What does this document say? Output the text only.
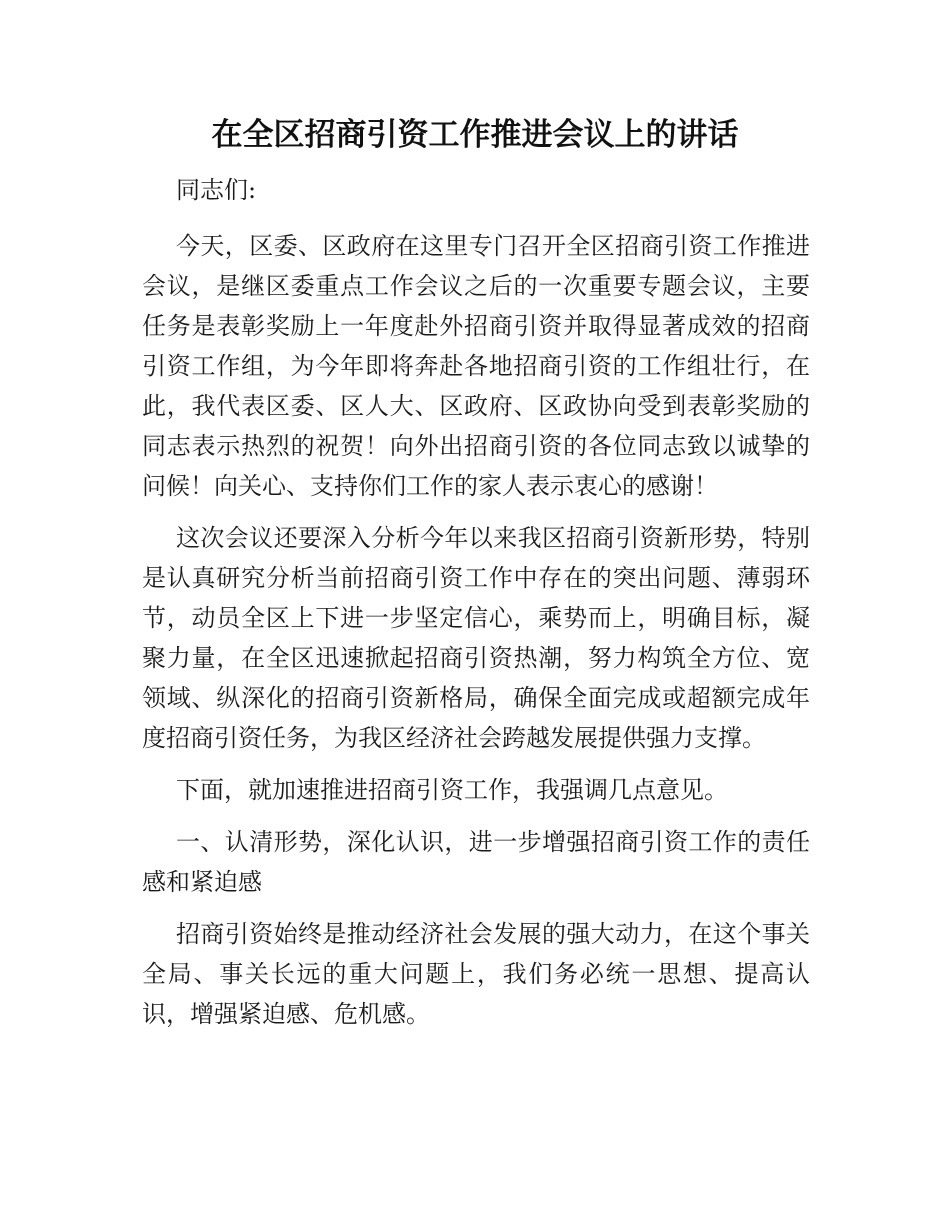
在全区招商引资工作推进会议上的讲话

同志们:

今天，区委、区政府在这里专门召开全区招商引资工作推进会议，是继区委重点工作会议之后的一次重要专题会议，主要任务是表彰奖励上一年度赴外招商引资并取得显著成效的招商引资工作组，为今年即将奔赴各地招商引资的工作组壮行，在此，我代表区委、区人大、区政府、区政协向受到表彰奖励的同志表示热烈的祝贺！向外出招商引资的各位同志致以诚挚的问候！向关心、支持你们工作的家人表示衷心的感谢！

这次会议还要深入分析今年以来我区招商引资新形势，特别是认真研究分析当前招商引资工作中存在的突出问题、薄弱环节，动员全区上下进一步坚定信心，乘势而上，明确目标，凝聚力量，在全区迅速掀起招商引资热潮，努力构筑全方位、宽领域、纵深化的招商引资新格局，确保全面完成或超额完成年度招商引资任务，为我区经济社会跨越发展提供强力支撑。

下面，就加速推进招商引资工作，我强调几点意见。

一、认清形势，深化认识，进一步增强招商引资工作的责任感和紧迫感

招商引资始终是推动经济社会发展的强大动力，在这个事关全局、事关长远的重大问题上，我们务必统一思想、提高认识，增强紧迫感、危机感。
